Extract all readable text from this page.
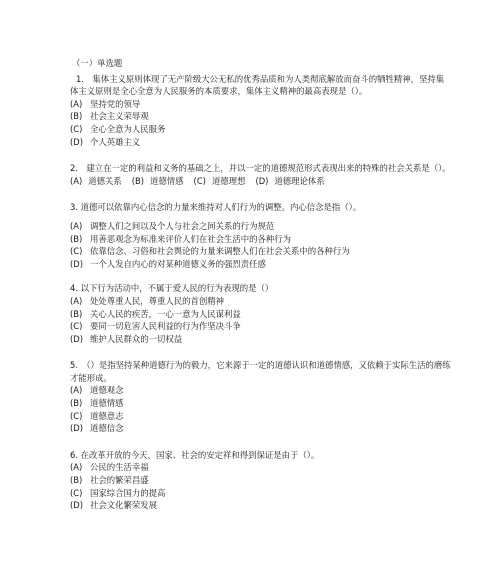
（一）单选题

1.　集体主义原则体现了无产阶级大公无私的优秀品质和为人类彻底解放而奋斗的牺牲精神，坚持集体主义原则是全心全意为人民服务的本质要求，集体主义精神的最高表现是（）。

(A) 坚持党的领导
(B) 社会主义荣辱观
(C) 全心全意为人民服务
(D) 个人英雄主义

2.　建立在一定的利益和义务的基础之上，并以一定的道德规范形式表现出来的特殊的社会关系是（）。

(A) 道德关系 (B) 道德情感 (C) 道德理想 (D) 道德理论体系

3. 道德可以依靠内心信念的力量来维持对人们行为的调整。内心信念是指（）。

(A) 调整人们之间以及个人与社会之间关系的行为规范
(B) 用善恶观念为标准来评价人们在社会生活中的各种行为
(C) 依靠信念、习俗和社会舆论的力量来调整人们在社会关系中的各种行为
(D) 一个人发自内心的对某种道德义务的强烈责任感

4. 以下行为活动中，不属于爱人民的行为表现的是（）

(A) 处处尊重人民，尊重人民的首创精神
(B) 关心人民的疾苦，一心一意为人民谋利益
(C) 要同一切危害人民利益的行为作坚决斗争
(D) 维护人民群众的一切权益

5.　（）是指坚持某种道德行为的毅力，它来源于一定的道德认识和道德情感，又依赖于实际生活的磨练才能形成。

(A) 道德观念
(B) 道德情感
(C) 道德意志
(D) 道德信念

6. 在改革开放的今天，国家、社会的安定祥和得到保证是由于（）。

(A) 公民的生活幸福
(B) 社会的繁荣昌盛
(C) 国家综合国力的提高
(D) 社会文化繁荣发展
